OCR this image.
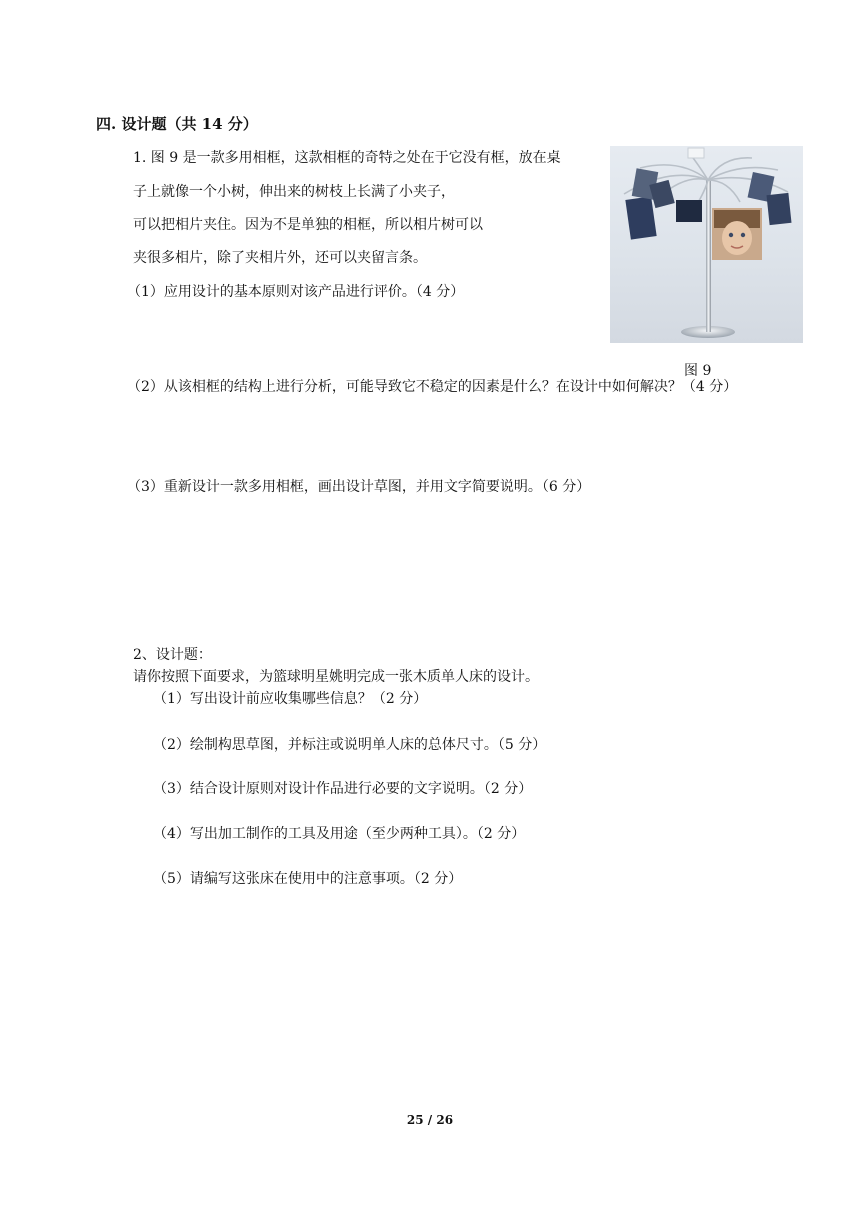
四. 设计题（共 14 分）
1. 图 9 是一款多用相框，这款相框的奇特之处在于它没有框，放在桌
子上就像一个小树，伸出来的树枝上长满了小夹子，
可以把相片夹住。因为不是单独的相框，所以相片树可以
夹很多相片，除了夹相片外，还可以夹留言条。
（1）应用设计的基本原则对该产品进行评价。（4 分）
图 9
（2）从该相框的结构上进行分析，可能导致它不稳定的因素是什么？在设计中如何解决？（4 分）
（3）重新设计一款多用相框，画出设计草图，并用文字简要说明。（6 分）
2、设计题：
请你按照下面要求，为篮球明星姚明完成一张木质单人床的设计。
（1）写出设计前应收集哪些信息？（2 分）
（2）绘制构思草图，并标注或说明单人床的总体尺寸。（5 分）
（3）结合设计原则对设计作品进行必要的文字说明。（2 分）
（4）写出加工制作的工具及用途（至少两种工具）。（2 分）
（5）请编写这张床在使用中的注意事项。（2 分）
25 / 26
